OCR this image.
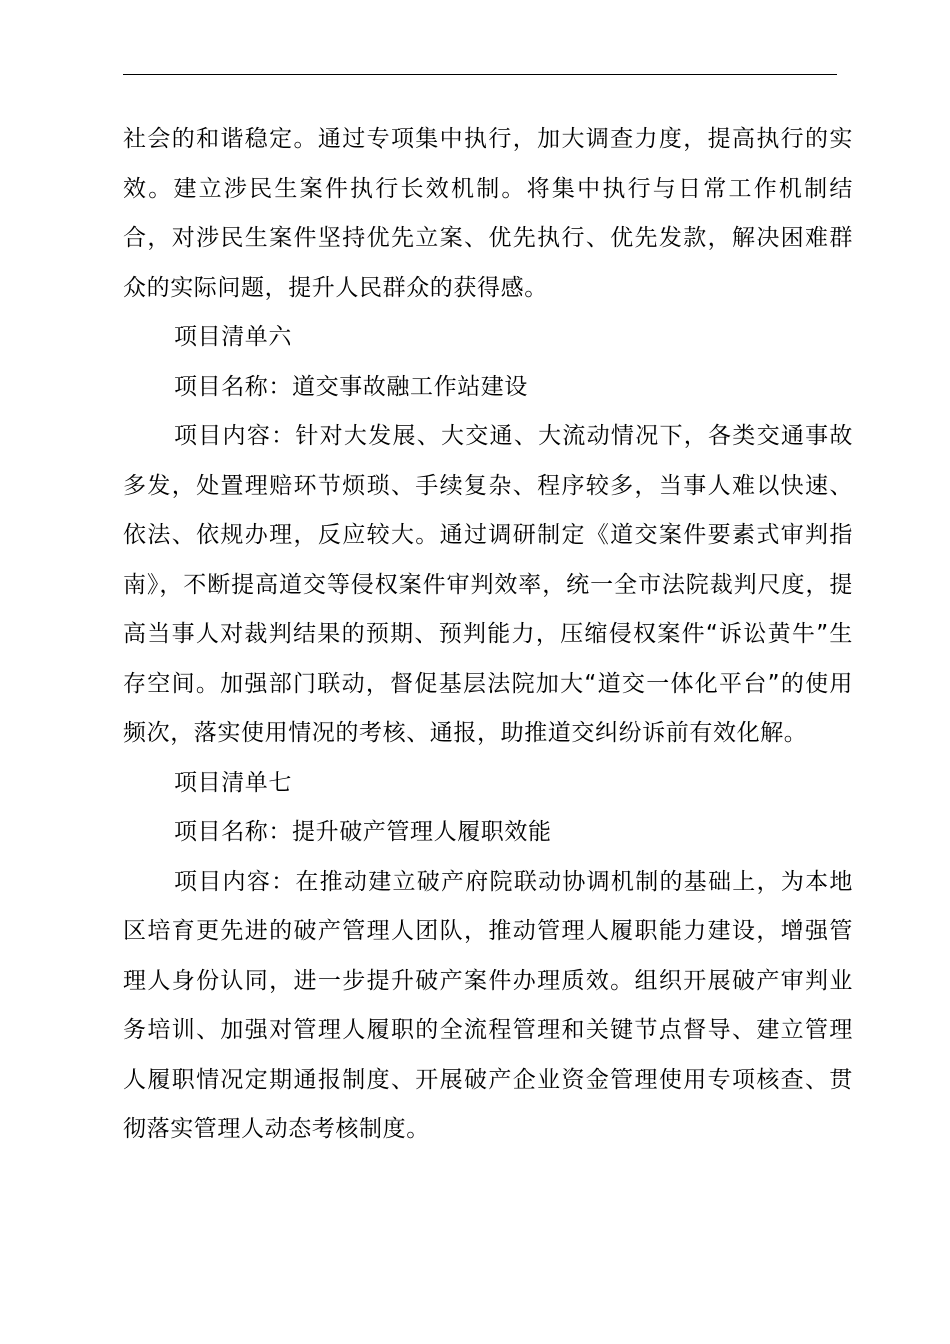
社会的和谐稳定。通过专项集中执行，加大调查力度，提高执行的实效。建立涉民生案件执行长效机制。将集中执行与日常工作机制结合，对涉民生案件坚持优先立案、优先执行、优先发款，解决困难群众的实际问题，提升人民群众的获得感。

项目清单六

项目名称：道交事故融工作站建设

项目内容：针对大发展、大交通、大流动情况下，各类交通事故多发，处置理赔环节烦琐、手续复杂、程序较多，当事人难以快速、依法、依规办理，反应较大。通过调研制定《道交案件要素式审判指南》，不断提高道交等侵权案件审判效率，统一全市法院裁判尺度，提高当事人对裁判结果的预期、预判能力，压缩侵权案件“诉讼黄牛”生存空间。加强部门联动，督促基层法院加大“道交一体化平台”的使用频次，落实使用情况的考核、通报，助推道交纠纷诉前有效化解。

项目清单七

项目名称：提升破产管理人履职效能

项目内容：在推动建立破产府院联动协调机制的基础上，为本地区培育更先进的破产管理人团队，推动管理人履职能力建设，增强管理人身份认同，进一步提升破产案件办理质效。组织开展破产审判业务培训、加强对管理人履职的全流程管理和关键节点督导、建立管理人履职情况定期通报制度、开展破产企业资金管理使用专项核查、贯彻落实管理人动态考核制度。
